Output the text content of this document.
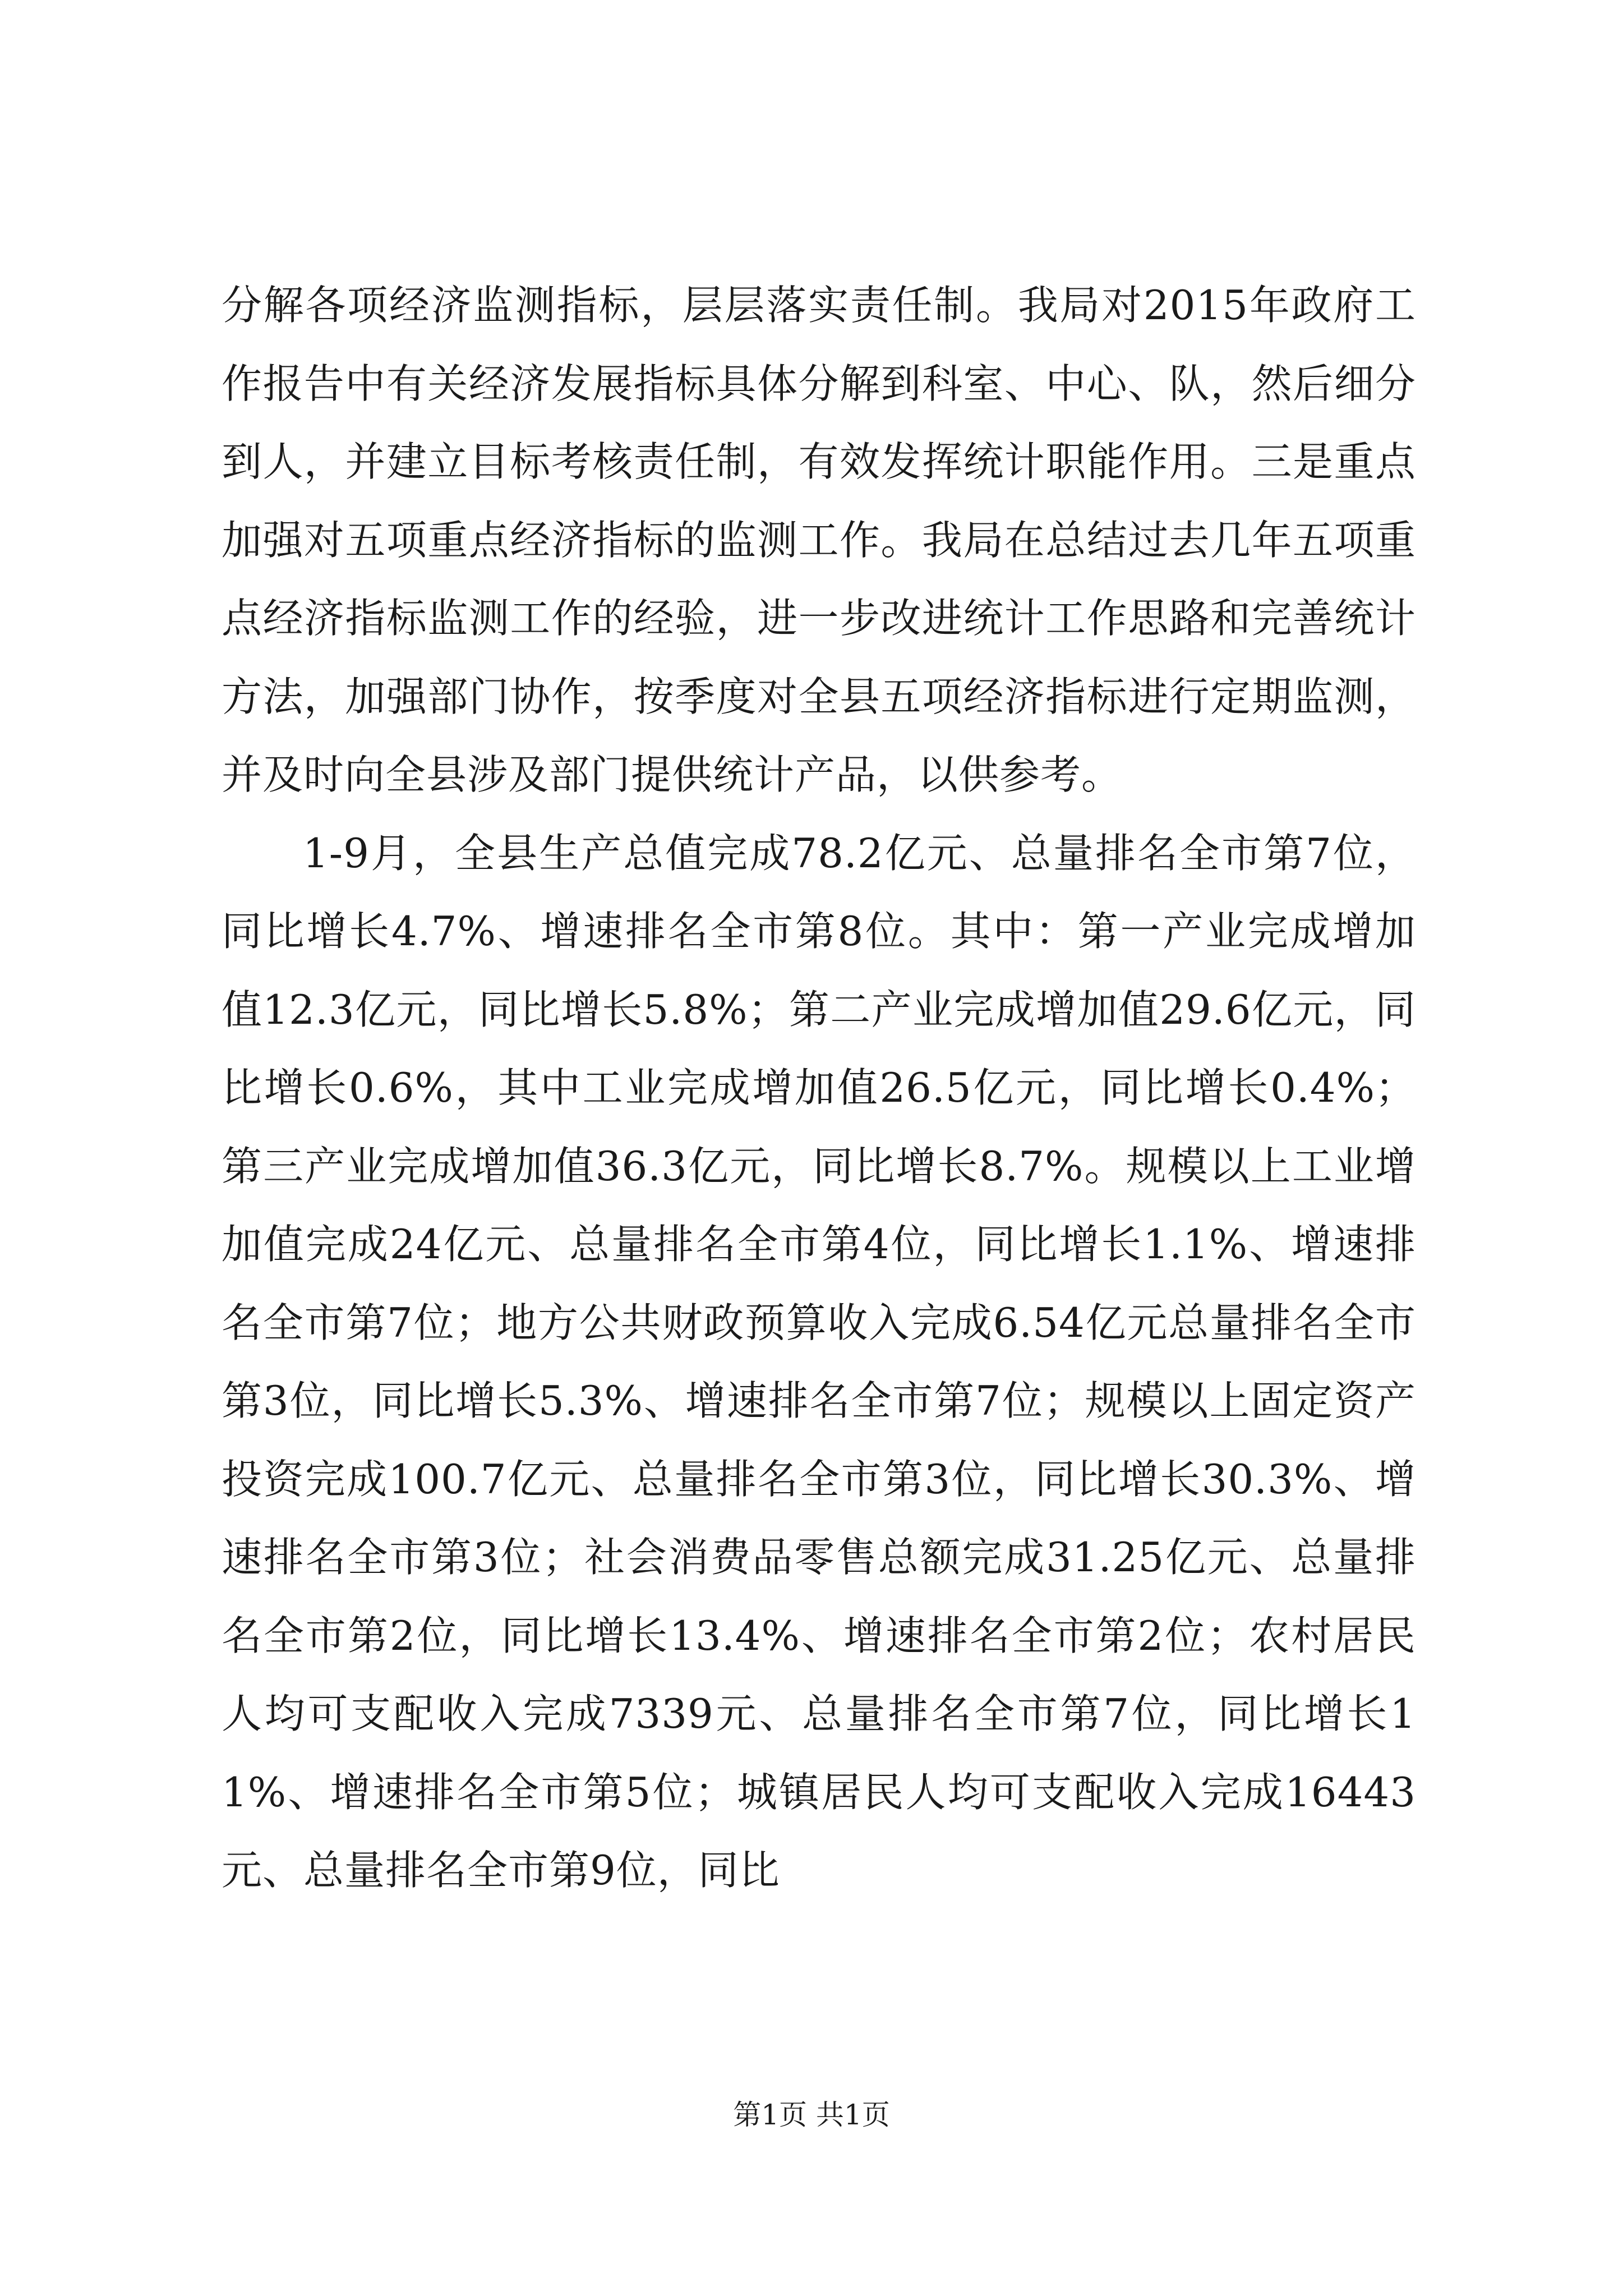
分解各项经济监测指标，层层落实责任制。我局对2015年政府工作报告中有关经济发展指标具体分解到科室、中心、队，然后细分到人，并建立目标考核责任制，有效发挥统计职能作用。三是重点加强对五项重点经济指标的监测工作。我局在总结过去几年五项重点经济指标监测工作的经验，进一步改进统计工作思路和完善统计方法，加强部门协作，按季度对全县五项经济指标进行定期监测，并及时向全县涉及部门提供统计产品，以供参考。

1-9月，全县生产总值完成78.2亿元、总量排名全市第7位，同比增长4.7%、增速排名全市第8位。其中：第一产业完成增加值12.3亿元，同比增长5.8%；第二产业完成增加值29.6亿元，同比增长0.6%，其中工业完成增加值26.5亿元，同比增长0.4%；第三产业完成增加值36.3亿元，同比增长8.7%。规模以上工业增加值完成24亿元、总量排名全市第4位，同比增长1.1%、增速排名全市第7位；地方公共财政预算收入完成6.54亿元总量排名全市第3位，同比增长5.3%、增速排名全市第7位；规模以上固定资产投资完成100.7亿元、总量排名全市第3位，同比增长30.3%、增速排名全市第3位；社会消费品零售总额完成31.25亿元、总量排名全市第2位，同比增长13.4%、增速排名全市第2位；农村居民人均可支配收入完成7339元、总量排名全市第7位，同比增长11%、增速排名全市第5位；城镇居民人均可支配收入完成16443元、总量排名全市第9位，同比

第1页 共1页
